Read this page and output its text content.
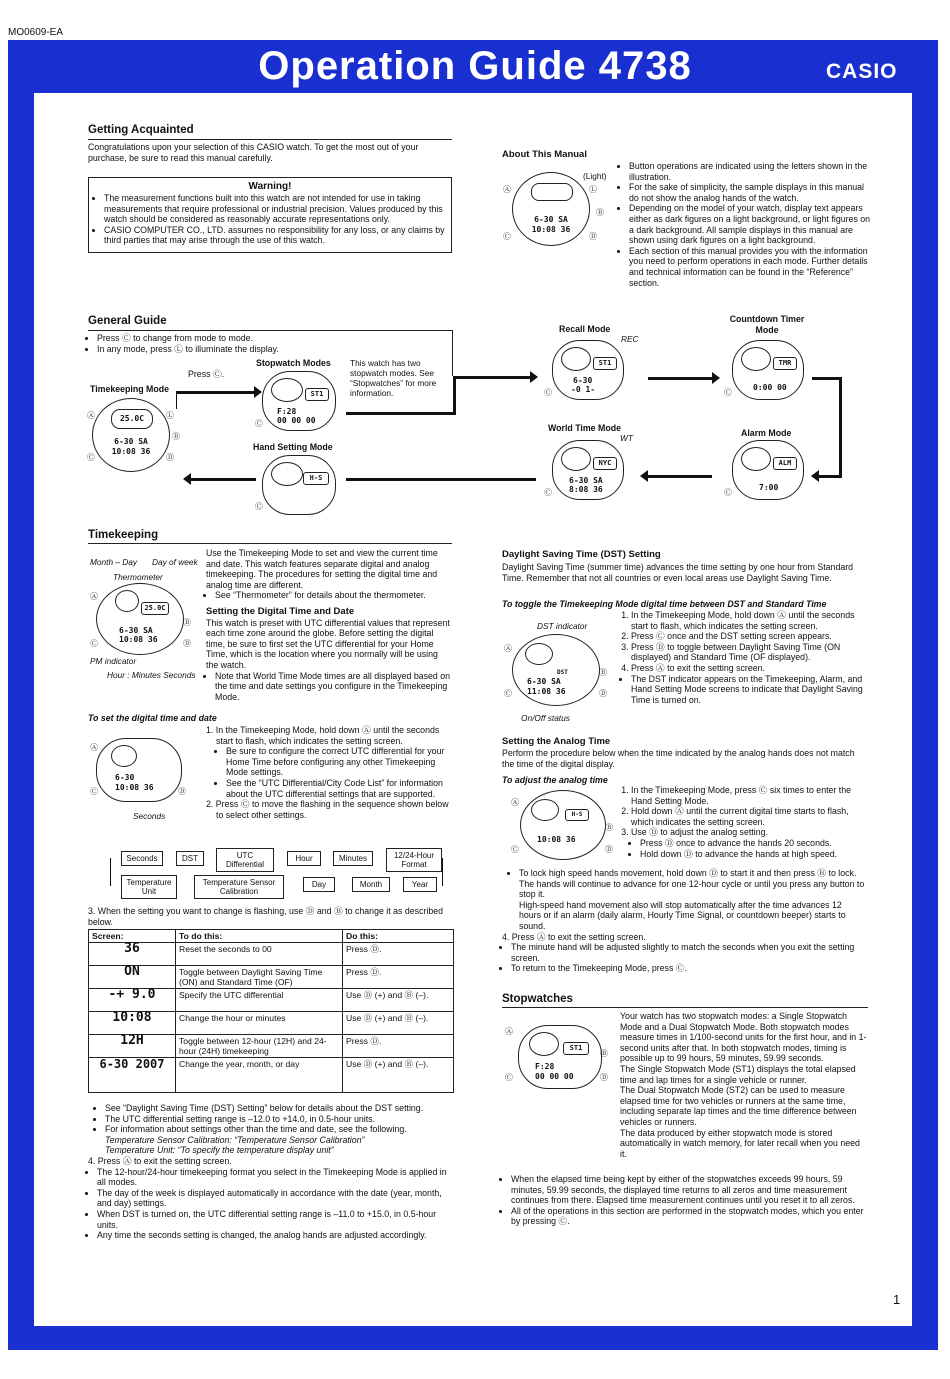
MO0609-EA
Operation Guide 4738	CASIO
Getting Acquainted
Congratulations upon your selection of this CASIO watch. To get the most out of your purchase, be sure to read this manual carefully.
Warning!
• The measurement functions built into this watch are not intended for use in taking measurements that require professional or industrial precision. Values produced by this watch should be considered as reasonably accurate representations only.
• CASIO COMPUTER CO., LTD. assumes no responsibility for any loss, or any claims by third parties that may arise through the use of this watch.
General Guide
• Press Ⓒ to change from mode to mode.
• In any mode, press Ⓛ to illuminate the display.
Timekeeping Mode
Press Ⓒ.
Stopwatch Modes This watch has two stopwatch modes. See “Stopwatches” for more information.
Hand Setting Mode
25.0C
6-30 SA
10:08 36
Ⓐ
Ⓒ
Ⓛ
Ⓑ
Ⓓ
ST1
F:28
00 00 00
Ⓒ
H-S
Ⓒ
Timekeeping
Month – Day Day of week
Thermometer
25.0C
6-30 SA
10:08 36
Ⓐ
Ⓒ
Ⓑ
Ⓓ
PM indicator
Hour : Minutes Seconds
Use the Timekeeping Mode to set and view the current time and date. This watch features separate digital and analog timekeeping. The procedures for setting the digital time and analog time are different.
• See “Thermometer” for details about the thermometer.
Setting the Digital Time and Date
This watch is preset with UTC differential values that represent each time zone around the globe. Before setting the digital time, be sure to first set the UTC differential for your Home Time, which is the location where you normally will be using the watch.
• Note that World Time Mode times are all displayed based on the time and date settings you configure in the Timekeeping Mode.
To set the digital time and date
6-30
10:08 36
Ⓐ
Ⓒ	Ⓓ
Seconds
1. In the Timekeeping Mode, hold down Ⓐ until the seconds start to flash, which indicates the setting screen.
• Be sure to configure the correct UTC differential for your Home Time before configuring any other Timekeeping Mode settings.
• See the “UTC Differential/City Code List” for information about the UTC differential settings that are supported.
2. Press Ⓒ to move the flashing in the sequence shown below to select other settings.
Seconds	DST	UTC Differential
Hour	Minutes	12/24-Hour Format
Temperature Unit
Temperature Sensor Calibration
Day	Month	Year
3. When the setting you want to change is flashing, use Ⓓ and Ⓑ to change it as described below.
Screen:	To do this:	Do this:
36	Reset the seconds to 00	Press Ⓓ.
ON	Toggle between Daylight Saving Time (ON) and Standard Time (OF)	Press Ⓓ.
-+ 9.0	Specify the UTC differential	Use Ⓓ (+) and Ⓑ (–).
10:08	Change the hour or minutes	Use Ⓓ (+) and Ⓑ (–).
12H	Toggle between 12-hour (12H) and 24-hour (24H) timekeeping	Press Ⓓ.
6-30 2007	Change the year, month, or day	Use Ⓓ (+) and Ⓑ (–).
• See “Daylight Saving Time (DST) Setting” below for details about the DST setting.
• The UTC differential setting range is –12.0 to +14.0, in 0.5-hour units.
• For information about settings other than the time and date, see the following.
Temperature Sensor Calibration: “Temperature Sensor Calibration”
Temperature Unit: “To specify the temperature display unit”
4. Press Ⓐ to exit the setting screen.
• The 12-hour/24-hour timekeeping format you select in the Timekeeping Mode is applied in all modes.
• The day of the week is displayed automatically in accordance with the date (year, month, and day) settings.
• When DST is turned on, the UTC differential setting range is –11.0 to +15.0, in 0.5-hour units.
• Any time the seconds setting is changed, the analog hands are adjusted accordingly.
About This Manual
6-30 SA
10:08 36
(Light)
Ⓐ
Ⓒ
Ⓛ
Ⓑ
Ⓓ
• Button operations are indicated using the letters shown in the illustration.
• For the sake of simplicity, the sample displays in this manual do not show the analog hands of the watch.
• Depending on the model of your watch, display text appears either as dark figures on a light background, or light figures on a dark background. All sample displays in this manual are shown using dark figures on a light background.
• Each section of this manual provides you with the information you need to perform operations in each mode. Further details and technical information can be found in the “Reference” section.
Recall Mode
Countdown Timer Mode
World Time Mode	Alarm Mode
REC
ST1
6-30
-0 1-
Ⓒ
TMR
0:00 00
Ⓒ
WT
NYC
6-30 SA
8:08 36
Ⓒ
ALM
7:00
Ⓒ
Daylight Saving Time (DST) Setting
Daylight Saving Time (summer time) advances the time setting by one hour from Standard Time. Remember that not all countries or even local areas use Daylight Saving Time.
To toggle the Timekeeping Mode digital time between DST and Standard Time
DST indicator
DST
6-30 SA
11:08 36
Ⓐ
Ⓒ
Ⓑ
Ⓓ
On/Off status
1. In the Timekeeping Mode, hold down Ⓐ until the seconds start to flash, which indicates the setting screen.
2. Press Ⓒ once and the DST setting screen appears.
3. Press Ⓓ to toggle between Daylight Saving Time (ON displayed) and Standard Time (OF displayed).
4. Press Ⓐ to exit the setting screen.
• The DST indicator appears on the Timekeeping, Alarm, and Hand Setting Mode screens to indicate that Daylight Saving Time is turned on.
Setting the Analog Time
Perform the procedure below when the time indicated by the analog hands does not match the time of the digital display.
To adjust the analog time
H-S
10:08 36
Ⓐ
Ⓒ
Ⓑ
Ⓓ
1. In the Timekeeping Mode, press Ⓒ six times to enter the Hand Setting Mode.
2. Hold down Ⓐ until the current digital time starts to flash, which indicates the setting screen.
3. Use Ⓓ to adjust the analog setting.
• Press Ⓓ once to advance the hands 20 seconds.
• Hold down Ⓓ to advance the hands at high speed.
• To lock high speed hands movement, hold down Ⓓ to start it and then press Ⓑ to lock. The hands will continue to advance for one 12-hour cycle or until you press any button to stop it.
High-speed hand movement also will stop automatically after the time advances 12 hours or if an alarm (daily alarm, Hourly Time Signal, or countdown beeper) starts to sound.
4. Press Ⓐ to exit the setting screen.
• The minute hand will be adjusted slightly to match the seconds when you exit the setting screen.
• To return to the Timekeeping Mode, press Ⓒ.
Stopwatches
ST1
F:28
00 00 00
Ⓐ
Ⓒ
Ⓑ
Ⓓ
Your watch has two stopwatch modes: a Single Stopwatch Mode and a Dual Stopwatch Mode. Both stopwatch modes measure times in 1/100-second units for the first hour, and in 1-second units after that. In both stopwatch modes, timing is possible up to 99 hours, 59 minutes, 59.99 seconds.
The Single Stopwatch Mode (ST1) displays the total elapsed time and lap times for a single vehicle or runner.
The Dual Stopwatch Mode (ST2) can be used to measure elapsed time for two vehicles or runners at the same time, including separate lap times and the time difference between vehicles or runners.
The data produced by either stopwatch mode is stored automatically in watch memory, for later recall when you need it.
• When the elapsed time being kept by either of the stopwatches exceeds 99 hours, 59 minutes, 59.99 seconds, the displayed time returns to all zeros and time measurement continues from there. Elapsed time measurement continues until you reset it to all zeros.
• All of the operations in this section are performed in the stopwatch modes, which you enter by pressing Ⓒ.
1
